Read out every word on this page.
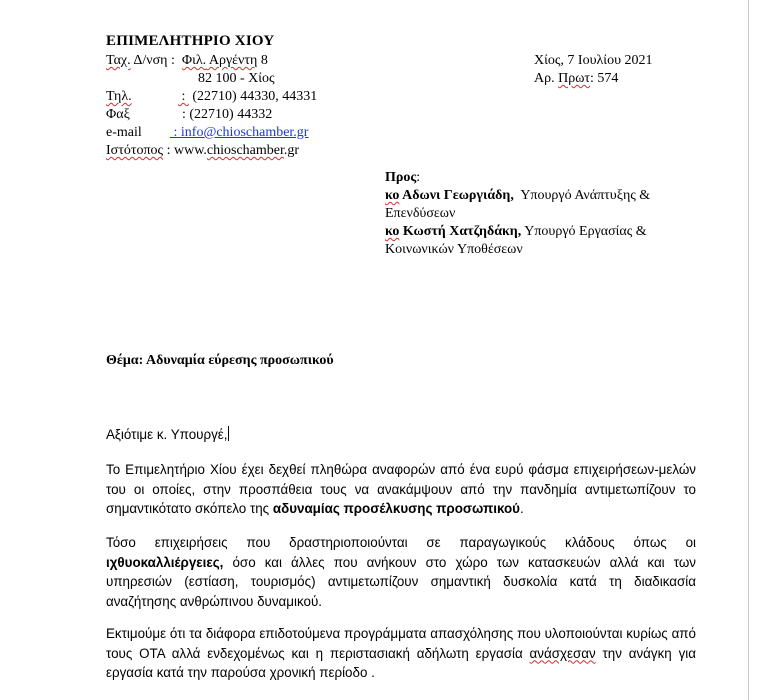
ΕΠΙΜΕΛΗΤΗΡΙΟ ΧΙΟΥ
Ταχ. Δ/νση :  Φιλ. Αργέντη 8
82 100 - Χίος
Τηλ.	:  (22710) 44330, 44331
Φαξ	: (22710) 44332
e-mail : info@chioschamber.gr
Ιστότοπος : www.chioschamber.gr
Χίος, 7 Ιουλίου 2021
Αρ. Πρωτ: 574
Προς:
κο Αδωνι Γεωργιάδη,  Υπουργό Ανάπτυξης &
Επενδύσεων
κο Κωστή Χατζηδάκη, Υπουργό Εργασίας &
Κοινωνικών Υποθέσεων
Θέμα: Αδυναμία εύρεσης προσωπικού
Αξιότιμε κ. Υπουργέ,
Το Επιμελητήριο Χίου έχει δεχθεί πληθώρα αναφορών από ένα ευρύ φάσμα επιχειρήσεων-μελών του οι οποίες, στην προσπάθεια τους να ανακάμψουν από την πανδημία αντιμετωπίζουν το σημαντικότατο σκόπελο της αδυναμίας προσέλκυσης προσωπικού.
Τόσο επιχειρήσεις που δραστηριοποιούνται σε παραγωγικούς κλάδους όπως οι ιχθυοκαλλιέργειες, όσο και άλλες που ανήκουν στο χώρο των κατασκευών αλλά και των υπηρεσιών (εστίαση, τουρισμός) αντιμετωπίζουν σημαντική δυσκολία κατά τη διαδικασία αναζήτησης ανθρώπινου δυναμικού.
Εκτιμούμε ότι τα διάφορα επιδοτούμενα προγράμματα απασχόλησης που υλοποιούνται κυρίως από τους ΟΤΑ αλλά ενδεχομένως και η περιστασιακή αδήλωτη εργασία ανάσχεσαν την ανάγκη για εργασία κατά την παρούσα χρονική περίοδο .
